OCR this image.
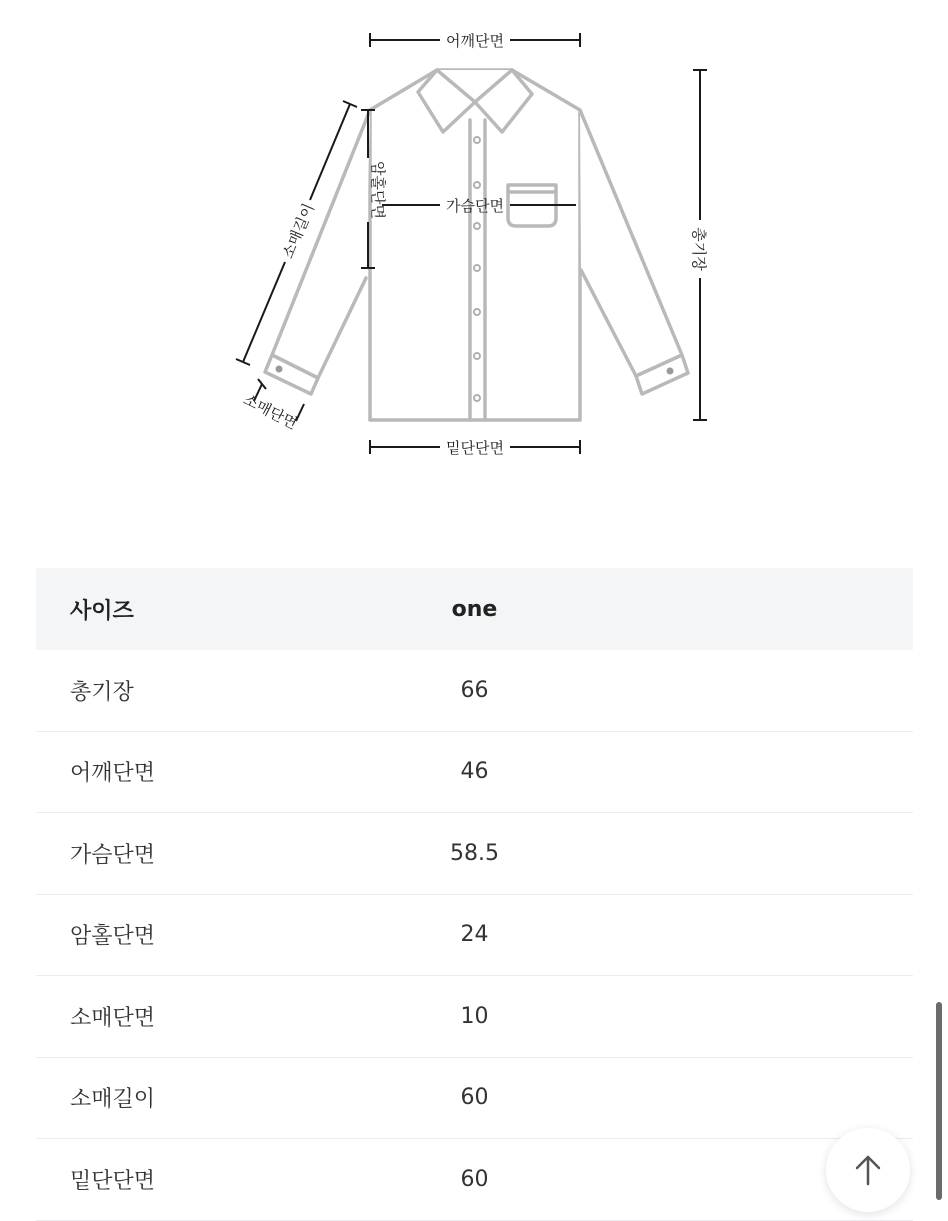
어깨단면
밑단단면
가슴단면
암홀단면
총기장
소매길이
소매단면
사이즈	one
총기장	66
어깨단면	46
가슴단면	58.5
암홀단면	24
소매단면	10
소매길이	60
밑단단면	60
